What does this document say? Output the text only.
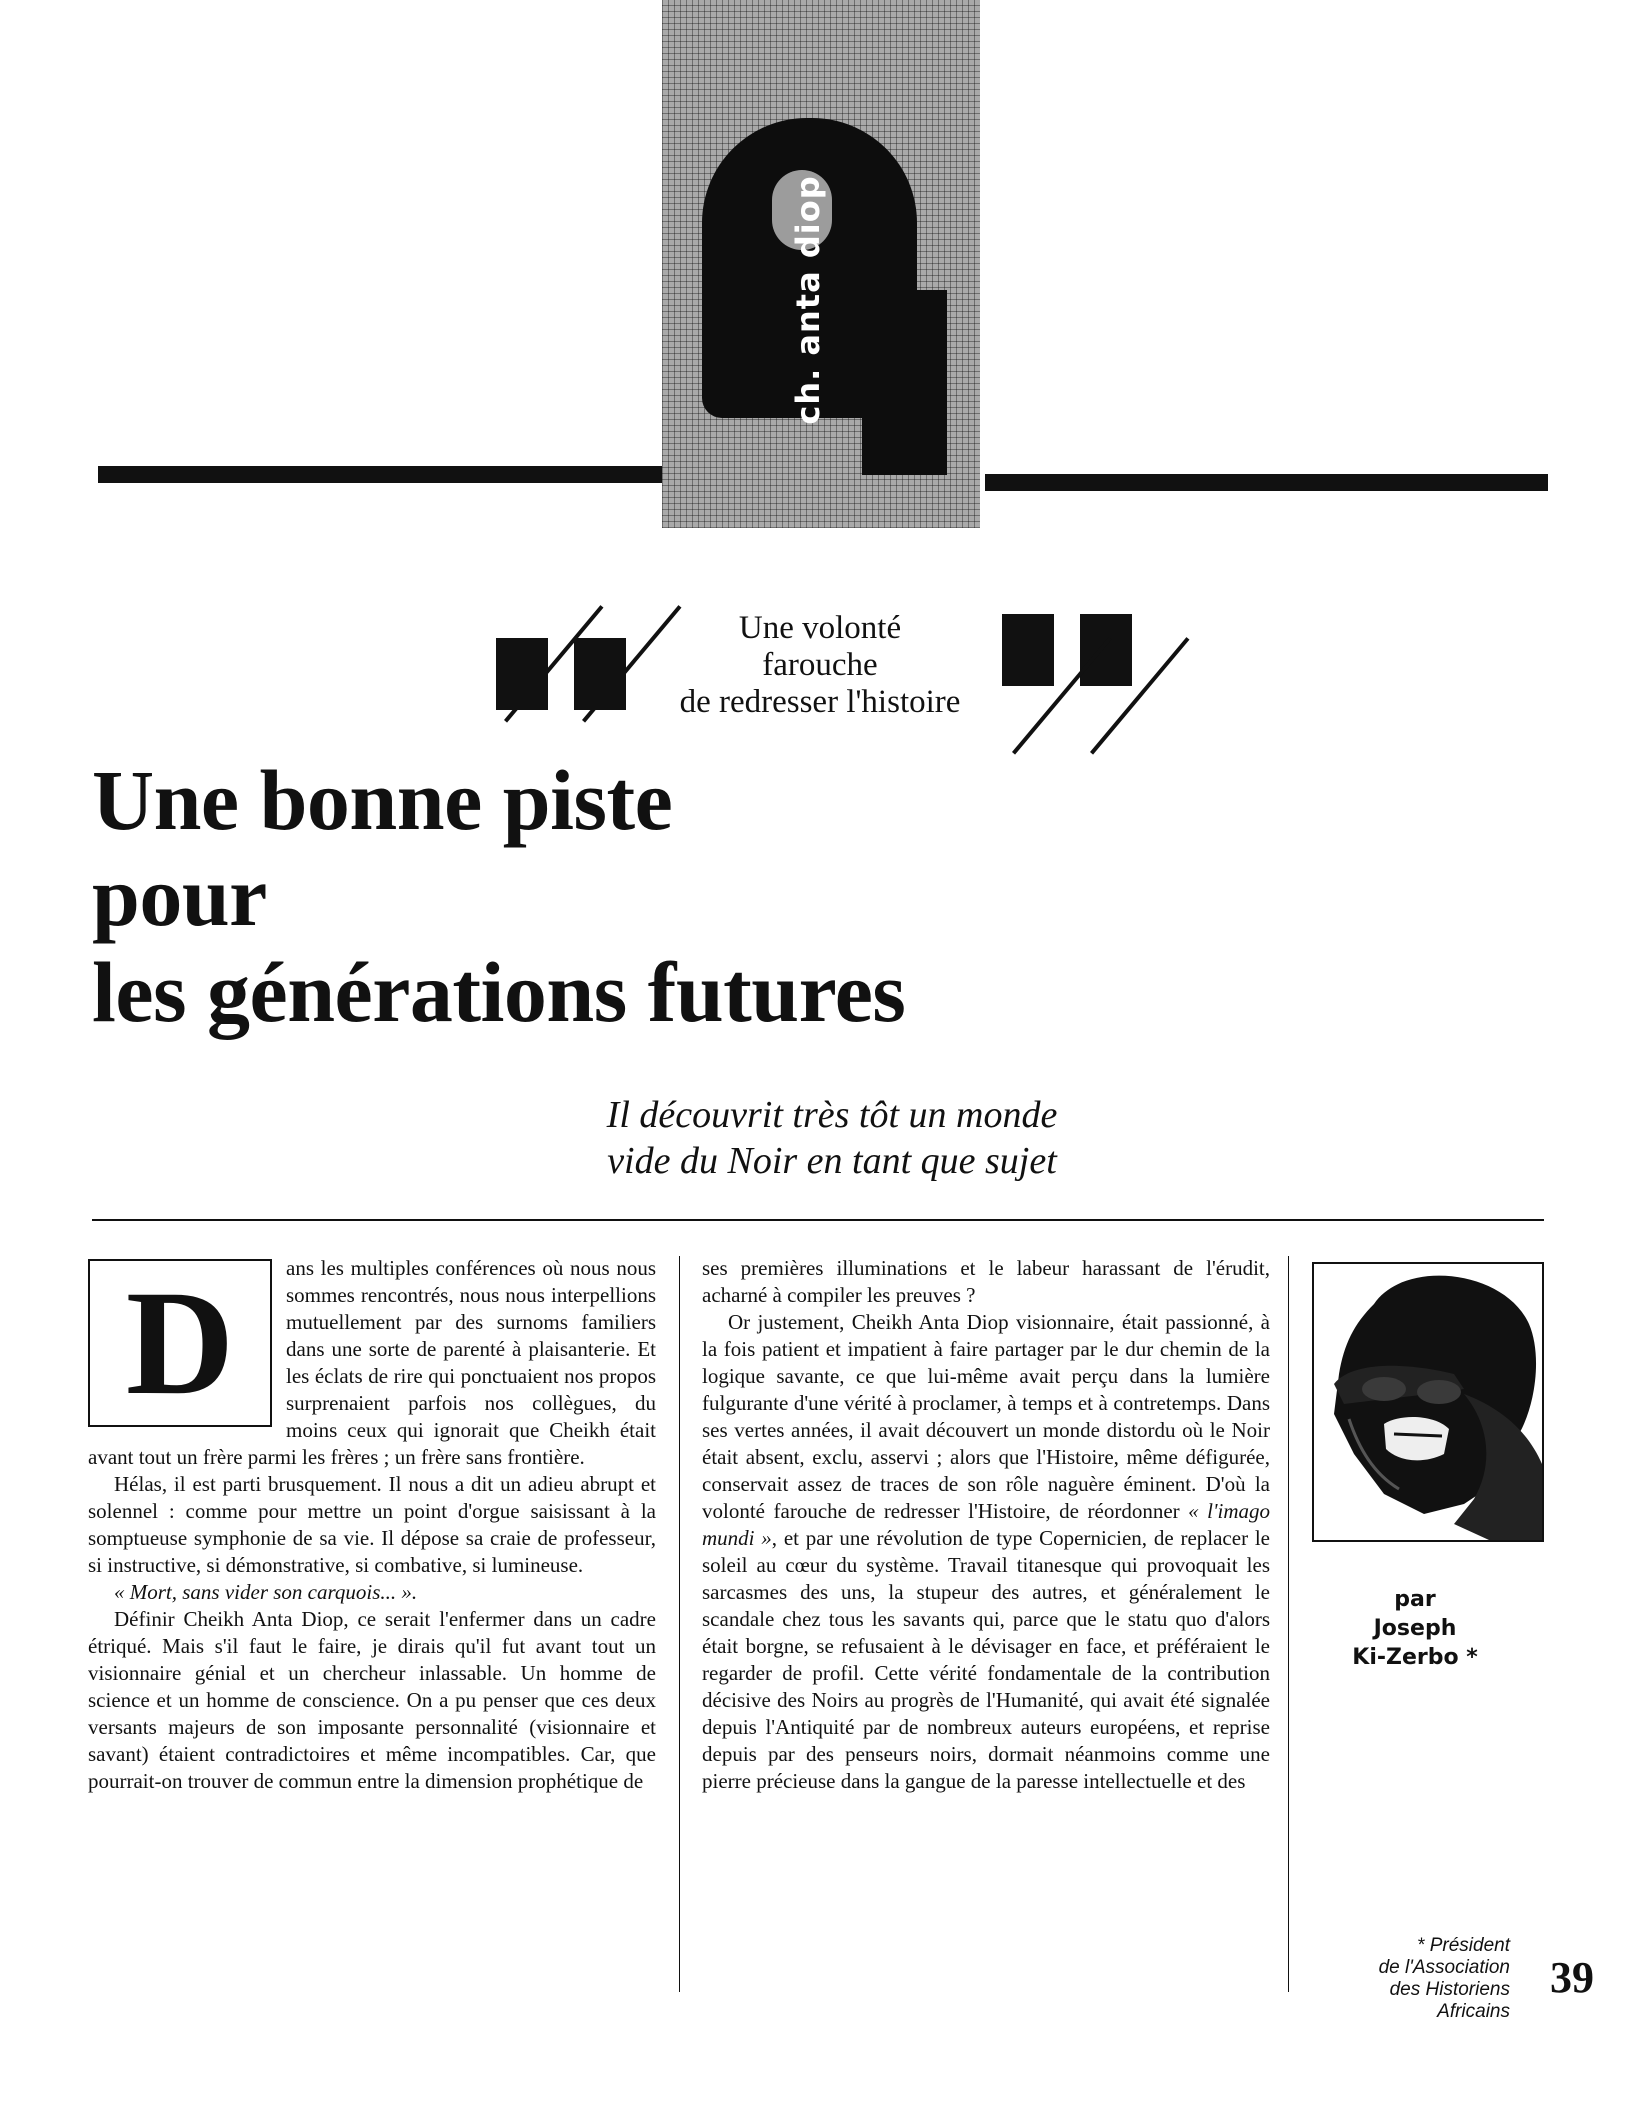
ch. anta diop
Une volonté
farouche
de redresser l'histoire
Une bonne piste
pour
les générations futures
Il découvrit très tôt un monde
vide du Noir en tant que sujet
D	ans les multiples conférences où nous nous sommes rencontrés, nous nous interpellions mutuellement par des surnoms familiers dans une sorte de parenté à plaisanterie. Et les éclats de rire qui ponctuaient nos propos surprenaient parfois nos collègues, du moins ceux qui ignorait que Cheikh était avant tout un frère parmi les frères ; un frère sans frontière.

Hélas, il est parti brusquement. Il nous a dit un adieu abrupt et solennel : comme pour mettre un point d'orgue saisissant à la somptueuse symphonie de sa vie. Il dépose sa craie de professeur, si instructive, si démonstrative, si combative, si lumineuse.

« Mort, sans vider son carquois... ».

Définir Cheikh Anta Diop, ce serait l'enfermer dans un cadre étriqué. Mais s'il faut le faire, je dirais qu'il fut avant tout un visionnaire génial et un chercheur inlassable. Un homme de science et un homme de conscience. On a pu penser que ces deux versants majeurs de son imposante personnalité (visionnaire et savant) étaient contradictoires et même incompatibles. Car, que pourrait-on trouver de commun entre la dimension prophétique de

ses premières illuminations et le labeur harassant de l'érudit, acharné à compiler les preuves ?

Or justement, Cheikh Anta Diop visionnaire, était passionné, à la fois patient et impatient à faire partager par le dur chemin de la logique savante, ce que lui-même avait perçu dans la lumière fulgurante d'une vérité à proclamer, à temps et à contretemps. Dans ses vertes années, il avait découvert un monde distordu où le Noir était absent, exclu, asservi ; alors que l'Histoire, même défigurée, conservait assez de traces de son rôle naguère éminent. D'où la volonté farouche de redresser l'Histoire, de réordonner « l'imago mundi », et par une révolution de type Copernicien, de replacer le soleil au cœur du système. Travail titanesque qui provoquait les sarcasmes des uns, la stupeur des autres, et généralement le scandale chez tous les savants qui, parce que le statu quo d'alors était borgne, se refusaient à le dévisager en face, et préféraient le regarder de profil. Cette vérité fondamentale de la contribution décisive des Noirs au progrès de l'Humanité, qui avait été signalée depuis l'Antiquité par de nombreux auteurs européens, et reprise depuis par des penseurs noirs, dormait néanmoins comme une pierre précieuse dans la gangue de la paresse intellectuelle et des

par
Joseph
Ki-Zerbo *
* Président
de l'Association
des Historiens
Africains
39
